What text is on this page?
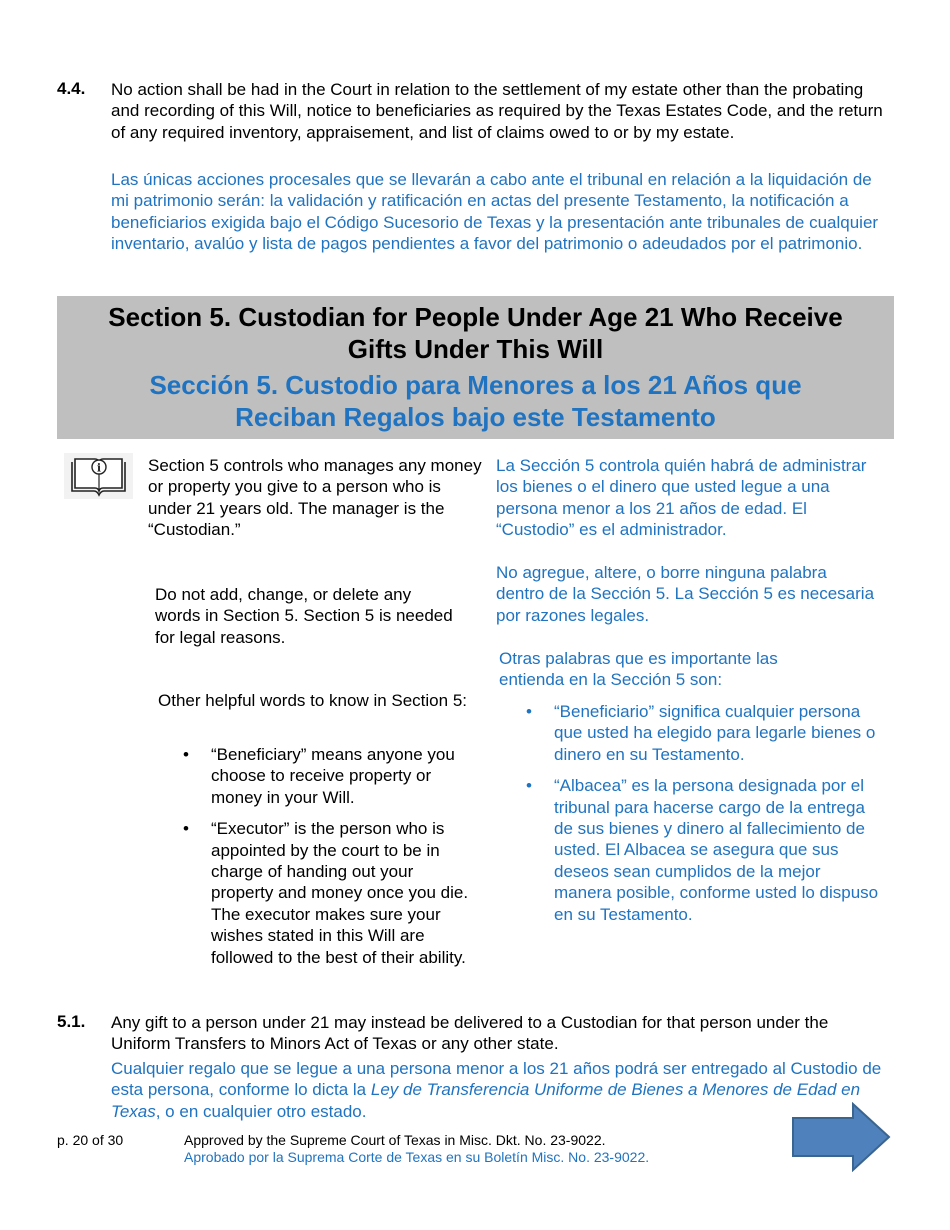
4.4. No action shall be had in the Court in relation to the settlement of my estate other than the probating and recording of this Will, notice to beneficiaries as required by the Texas Estates Code, and the return of any required inventory, appraisement, and list of claims owed to or by my estate.
Las únicas acciones procesales que se llevarán a cabo ante el tribunal en relación a la liquidación de mi patrimonio serán: la validación y ratificación en actas del presente Testamento, la notificación a beneficiarios exigida bajo el Código Sucesorio de Texas y la presentación ante tribunales de cualquier inventario, avalúo y lista de pagos pendientes a favor del patrimonio o adeudados por el patrimonio.
Section 5. Custodian for People Under Age 21 Who Receive Gifts Under This Will
Sección 5. Custodio para Menores a los 21 Años que Reciban Regalos bajo este Testamento
i	Section 5 controls who manages any money or property you give to a person who is under 21 years old. The manager is the “Custodian.”
Do not add, change, or delete any words in Section 5. Section 5 is needed for legal reasons.
Other helpful words to know in Section 5:
• “Beneficiary” means anyone you choose to receive property or money in your Will.
• “Executor” is the person who is appointed by the court to be in charge of handing out your property and money once you die. The executor makes sure your wishes stated in this Will are followed to the best of their ability.
La Sección 5 controla quién habrá de administrar los bienes o el dinero que usted legue a una persona menor a los 21 años de edad. El “Custodio” es el administrador.
No agregue, altere, o borre ninguna palabra dentro de la Sección 5. La Sección 5 es necesaria por razones legales.
Otras palabras que es importante las entienda en la Sección 5 son:
• “Beneficiario” significa cualquier persona que usted ha elegido para legarle bienes o dinero en su Testamento.
• “Albacea” es la persona designada por el tribunal para hacerse cargo de la entrega de sus bienes y dinero al fallecimiento de usted. El Albacea se asegura que sus deseos sean cumplidos de la mejor manera posible, conforme usted lo dispuso en su Testamento.
5.1. Any gift to a person under 21 may instead be delivered to a Custodian for that person under the Uniform Transfers to Minors Act of Texas or any other state.
Cualquier regalo que se legue a una persona menor a los 21 años podrá ser entregado al Custodio de esta persona, conforme lo dicta la Ley de Transferencia Uniforme de Bienes a Menores de Edad en Texas, o en cualquier otro estado.
p. 20 of 30	Approved by the Supreme Court of Texas in Misc. Dkt. No. 23-9022.
Aprobado por la Suprema Corte de Texas en su Boletín Misc. No. 23-9022.
